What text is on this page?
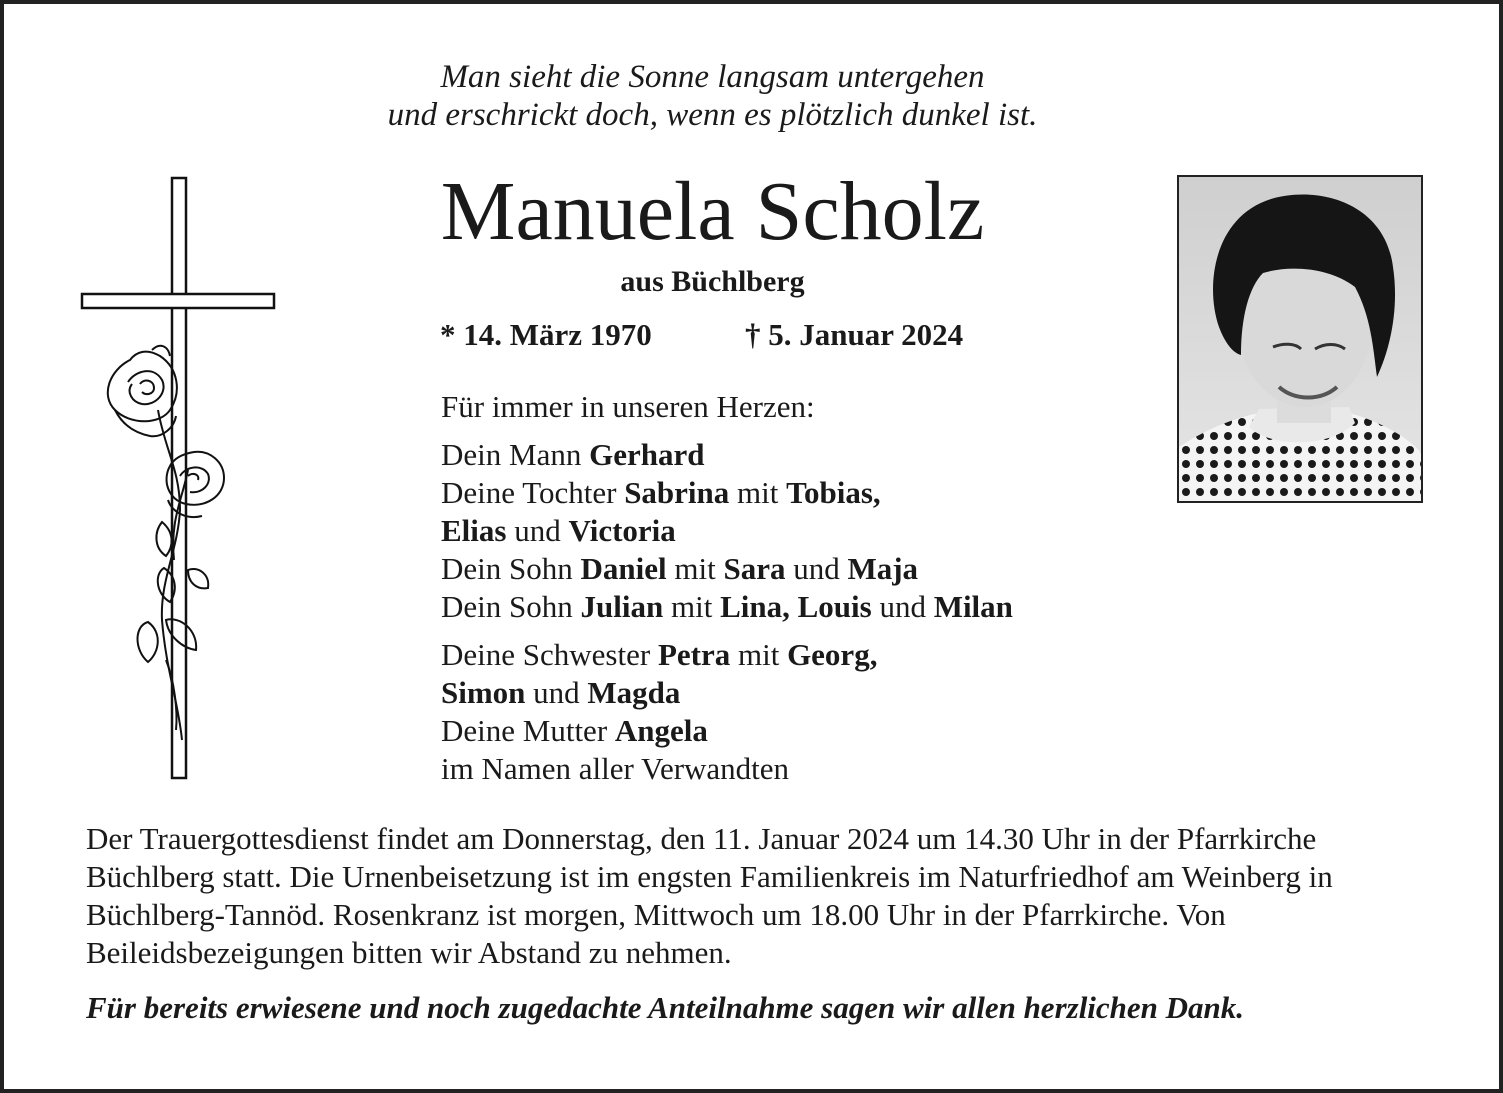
Man sieht die Sonne langsam untergehen
und erschrickt doch, wenn es plötzlich dunkel ist.
Manuela Scholz
aus Büchlberg
* 14. März 1970	† 5. Januar 2024
Für immer in unseren Herzen:
Dein Mann Gerhard
Deine Tochter Sabrina mit Tobias,
Elias und Victoria
Dein Sohn Daniel mit Sara und Maja
Dein Sohn Julian mit Lina, Louis und Milan
Deine Schwester Petra mit Georg,
Simon und Magda
Deine Mutter Angela
im Namen aller Verwandten
Der Trauergottesdienst findet am Donnerstag, den 11. Januar 2024 um 14.30 Uhr in der Pfarrkirche Büchlberg statt. Die Urnenbeisetzung ist im engsten Familienkreis im Naturfriedhof am Weinberg in Büchlberg-Tannöd. Rosenkranz ist morgen, Mittwoch um 18.00 Uhr in der Pfarrkirche. Von Beileidsbezeigungen bitten wir Abstand zu nehmen.
Für bereits erwiesene und noch zugedachte Anteilnahme sagen wir allen herzlichen Dank.
